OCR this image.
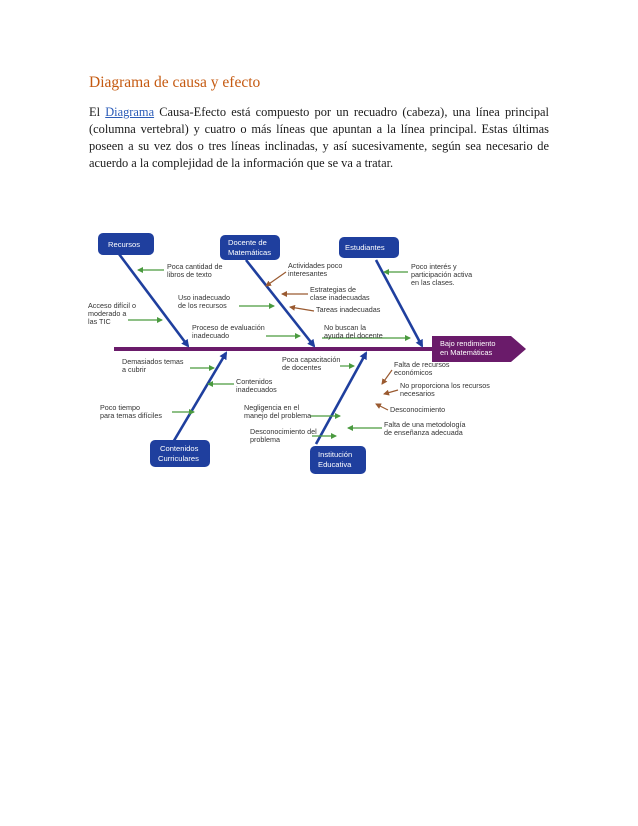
Diagrama de causa y efecto
El Diagrama Causa-Efecto está compuesto por un recuadro (cabeza), una línea principal (columna vertebral) y cuatro o más líneas que apuntan a la línea principal. Estas últimas poseen a su vez dos o tres líneas inclinadas, y así sucesivamente, según sea necesario de acuerdo a la complejidad de la información que se va a tratar.
Bajo rendimiento en Matemáticas
Recursos	Docente de Matemáticas
Estudiantes
Contenidos Curriculares	Institución Educativa
Poca cantidad de libros de texto
Acceso difícil o moderado a las TIC
Actividades poco interesantes
Uso inadecuado de los recursos
Estrategias de clase inadecuadas
Tareas inadecuadas
Proceso de evaluación inadecuado
Poco interés y participación activa en las clases.
No buscan la ayuda del docente
Demasiados temas a cubrir
Contenidos inadecuados
Poco tiempo para temas difíciles
Poca capacitación de docentes	Falta de recursos económicos
No proporciona los recursos necesarios
Desconocimiento
Negligencia en el manejo del problema
Falta de una metodología de enseñanza adecuada
Desconocimiento del problema
